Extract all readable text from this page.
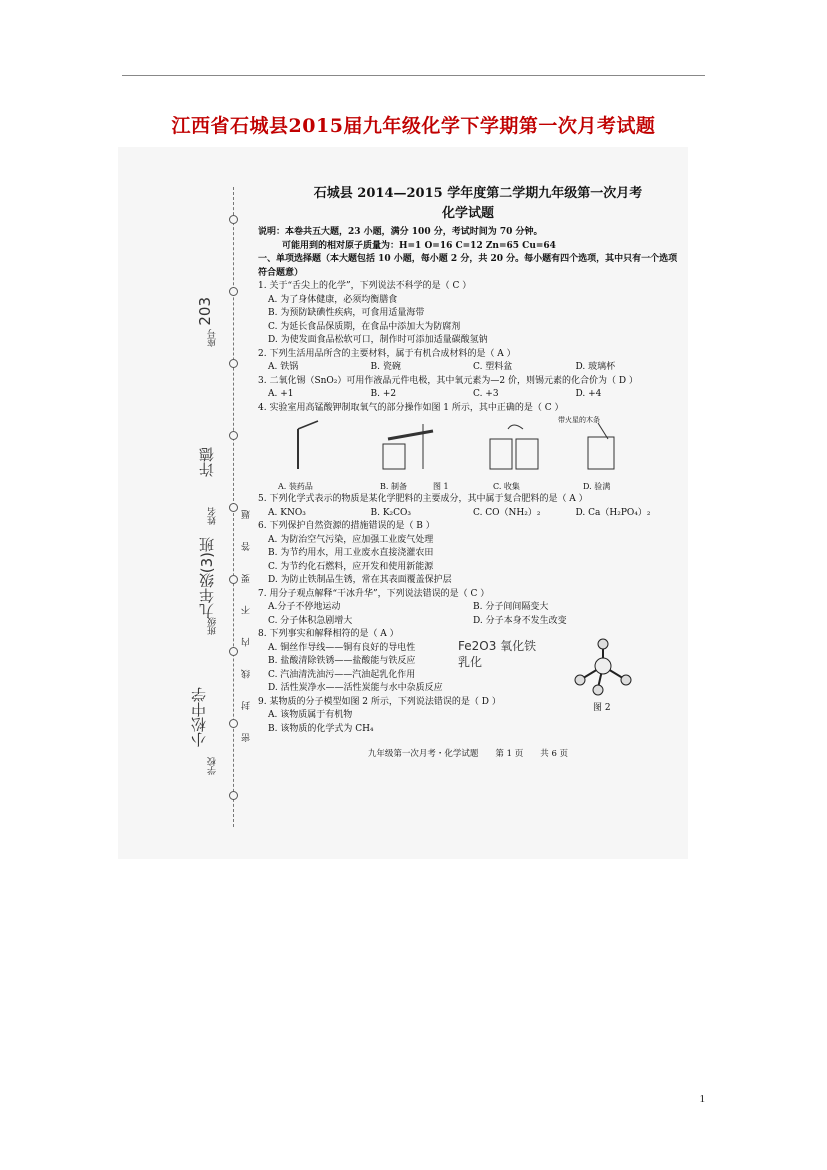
江西省石城县2015届九年级化学下学期第一次月考试题
密 封 线 内 不 要 答 题
座号
203
姓名
许德
班级
九年级(3)班
学校
小松中学
石城县 2014—2015 学年度第二学期九年级第一次月考
化学试题
说明：本卷共五大题，23 小题，满分 100 分，考试时间为 70 分钟。
可能用到的相对原子质量为：H=1 O=16 C=12 Zn=65 Cu=64
一、单项选择题（本大题包括 10 小题，每小题 2 分，共 20 分。每小题有四个选项，其中只有一个选项符合题意）
1. 关于“舌尖上的化学”，下列说法不科学的是（ C ）
A. 为了身体健康，必须均衡膳食
B. 为预防缺碘性疾病，可食用适量海带
C. 为延长食品保质期，在食品中添加大为防腐剂
D. 为使发面食品松软可口，制作时可添加适量碳酸氢钠
2. 下列生活用品所含的主要材料，属于有机合成材料的是（ A ）
A. 铁锅	B. 瓷碗	C. 塑料盆	D. 玻璃杯
3. 二氧化锡（SnO₂）可用作液晶元件电极，其中氧元素为—2 价，则锡元素的化合价为（ D ）
A. +1	B. +2	C. +3	D. +4
4. 实验室用高锰酸钾制取氧气的部分操作如图 1 所示，其中正确的是（ C ）
A. 装药品	B. 制备	图 1	C. 收集	D. 验满
带火星的木条
5. 下列化学式表示的物质是某化学肥料的主要成分，其中属于复合肥料的是（ A ）
A. KNO₃	B. K₂CO₃	C. CO（NH₂）₂	D. Ca（H₂PO₄）₂
6. 下列保护自然资源的措施错误的是（ B ）
A. 为防治空气污染，应加强工业废气处理
B. 为节约用水，用工业废水直接浇灌农田
C. 为节约化石燃料，应开发和使用新能源
D. 为防止铁制品生锈，常在其表面覆盖保护层
7. 用分子观点解释“干冰升华”，下列说法错误的是（ C ）
A.分子不停地运动	B. 分子间间隔变大
C. 分子体积急剧增大	D. 分子本身不发生改变
8. 下列事实和解释相符的是（ A ）
A. 铜丝作导线——铜有良好的导电性
B. 盐酸清除铁锈——盐酸能与铁反应
C. 汽油清洗油污——汽油起乳化作用
D. 活性炭净水——活性炭能与水中杂质反应
Fe2O3 氧化铁
乳化
图 2
9. 某物质的分子模型如图 2 所示，下列说法错误的是（ D ）
A. 该物质属于有机物
B. 该物质的化学式为 CH₄
九年级第一次月考・化学试题　　第 1 页　　共 6 页
1
